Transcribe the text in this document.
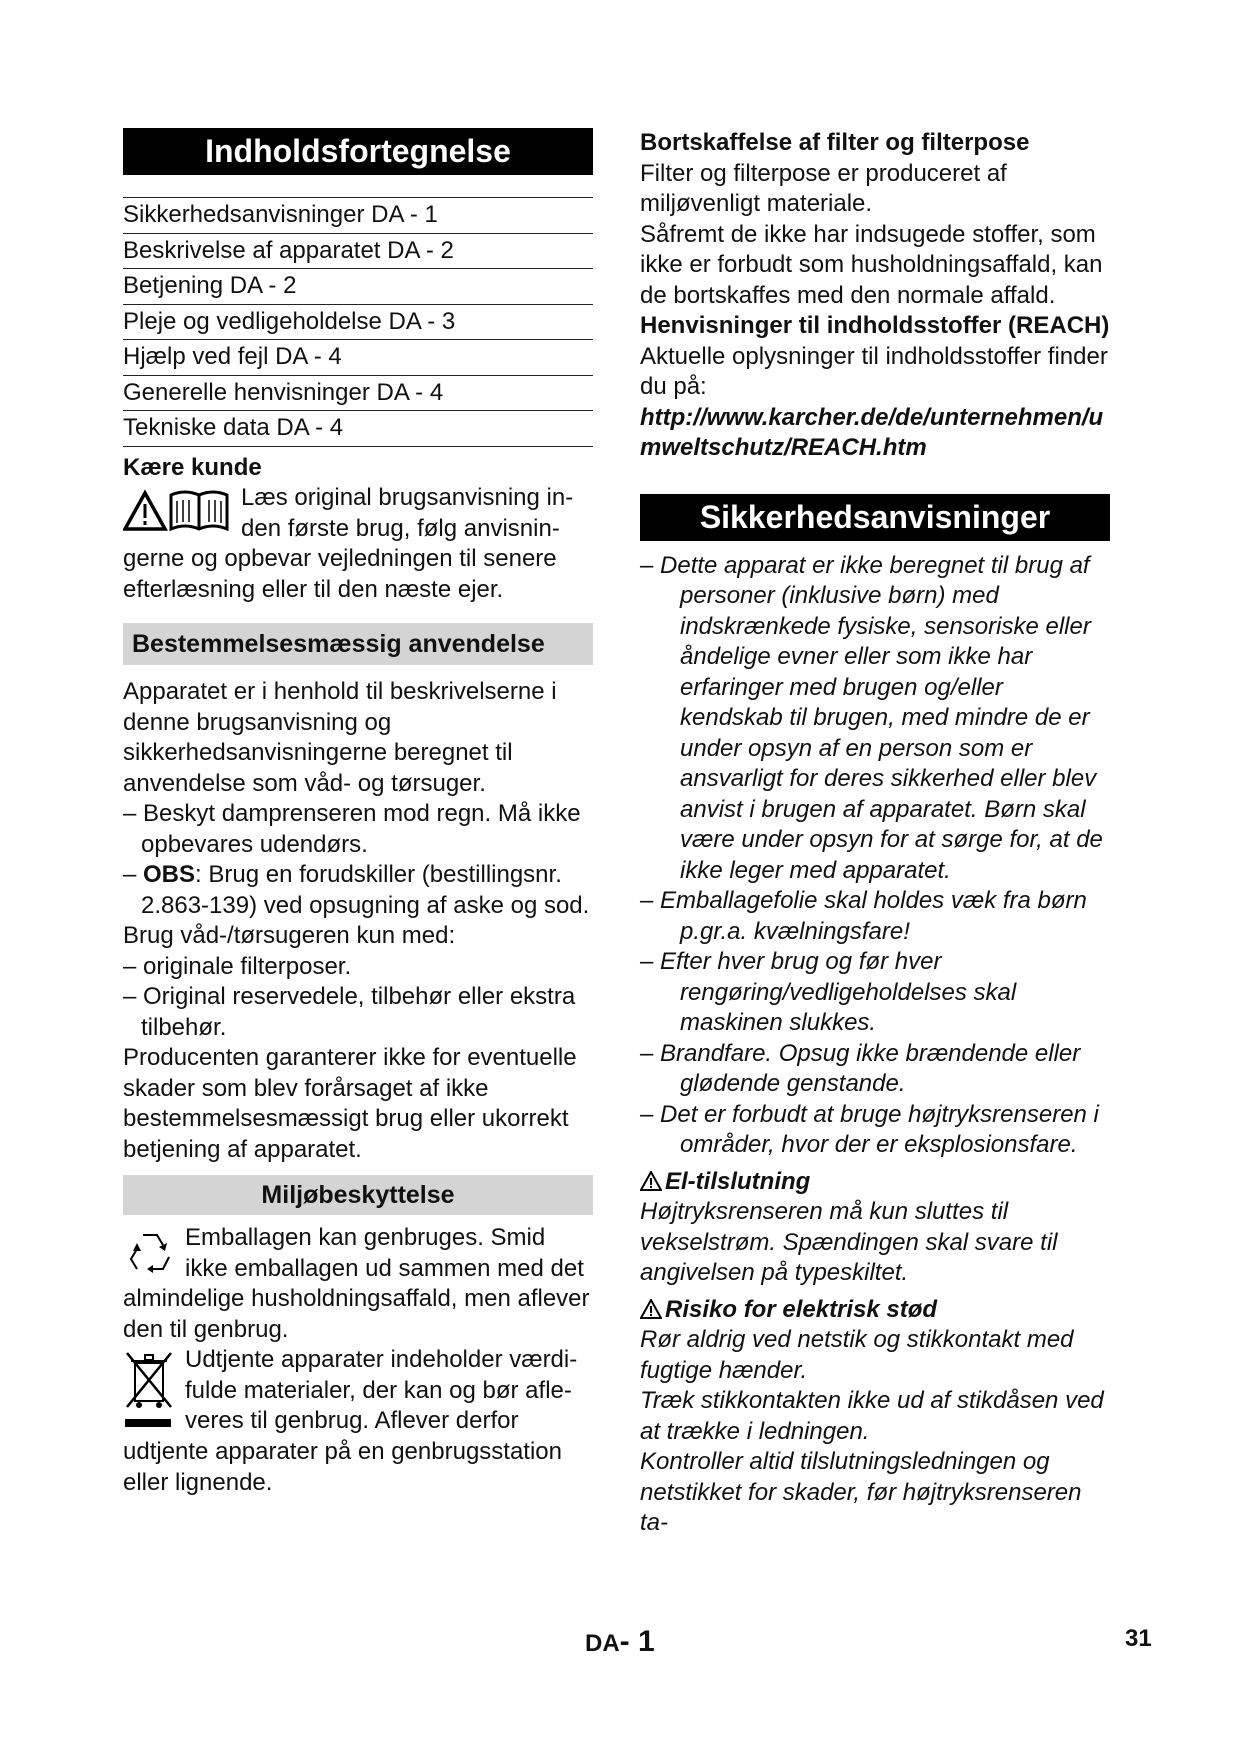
Indholdsfortegnelse
Sikkerhedsanvisninger DA - 1
Beskrivelse af apparatet DA - 2
Betjening DA - 2
Pleje og vedligeholdelse DA - 3
Hjælp ved fejl DA - 4
Generelle henvisninger DA - 4
Tekniske data DA - 4

Kære kunde

Læs original brugsanvisning in-

den første brug, følg anvisnin-

gerne og opbevar vejledningen til senere efterlæsning eller til den næste ejer.

Bestemmelsesmæssig anvendelse

Apparatet er i henhold til beskrivelserne i denne brugsanvisning og sikkerhedsanvisningerne beregnet til anvendelse som våd- og tørsuger.

– Beskyt damprenseren mod regn. Må ikke opbevares udendørs.

– OBS: Brug en forudskiller (bestillingsnr. 2.863-139) ved opsugning af aske og sod.

Brug våd-/tørsugeren kun med:

– originale filterposer.

– Original reservedele, tilbehør eller ekstra tilbehør.

Producenten garanterer ikke for eventuelle skader som blev forårsaget af ikke bestemmelsesmæssigt brug eller ukorrekt betjening af apparatet.

Miljøbeskyttelse

Emballagen kan genbruges. Smid

ikke emballagen ud sammen med det

almindelige husholdningsaffald, men aflever den til genbrug.

Udtjente apparater indeholder værdi-

fulde materialer, der kan og bør afle-

veres til genbrug. Aflever derfor

udtjente apparater på en genbrugsstation eller lignende.

Bortskaffelse af filter og filterpose

Filter og filterpose er produceret af miljøvenligt materiale.

Såfremt de ikke har indsugede stoffer, som ikke er forbudt som husholdningsaffald, kan de bortskaffes med den normale affald.

Henvisninger til indholdsstoffer (REACH)

Aktuelle oplysninger til indholdsstoffer finder du på:

http://www.karcher.de/de/unternehmen/umweltschutz/REACH.htm

Sikkerhedsanvisninger

– Dette apparat er ikke beregnet til brug af personer (inklusive børn) med indskrænkede fysiske, sensoriske eller åndelige evner eller som ikke har erfaringer med brugen og/eller kendskab til brugen, med mindre de er under opsyn af en person som er ansvarligt for deres sikkerhed eller blev anvist i brugen af apparatet. Børn skal være under opsyn for at sørge for, at de ikke leger med apparatet.

– Emballagefolie skal holdes væk fra børn p.gr.a. kvælningsfare!

– Efter hver brug og før hver rengøring/vedligeholdelses skal maskinen slukkes.

– Brandfare. Opsug ikke brændende eller glødende genstande.

– Det er forbudt at bruge højtryksrenseren i områder, hvor der er eksplosionsfare.

El-tilslutning

Højtryksrenseren må kun sluttes til vekselstrøm. Spændingen skal svare til angivelsen på typeskiltet.

Risiko for elektrisk stød

Rør aldrig ved netstik og stikkontakt med fugtige hænder.

Træk stikkontakten ikke ud af stikdåsen ved at trække i ledningen.

Kontroller altid tilslutningsledningen og netstikket for skader, før højtryksrenseren ta-

DA- 1	31
